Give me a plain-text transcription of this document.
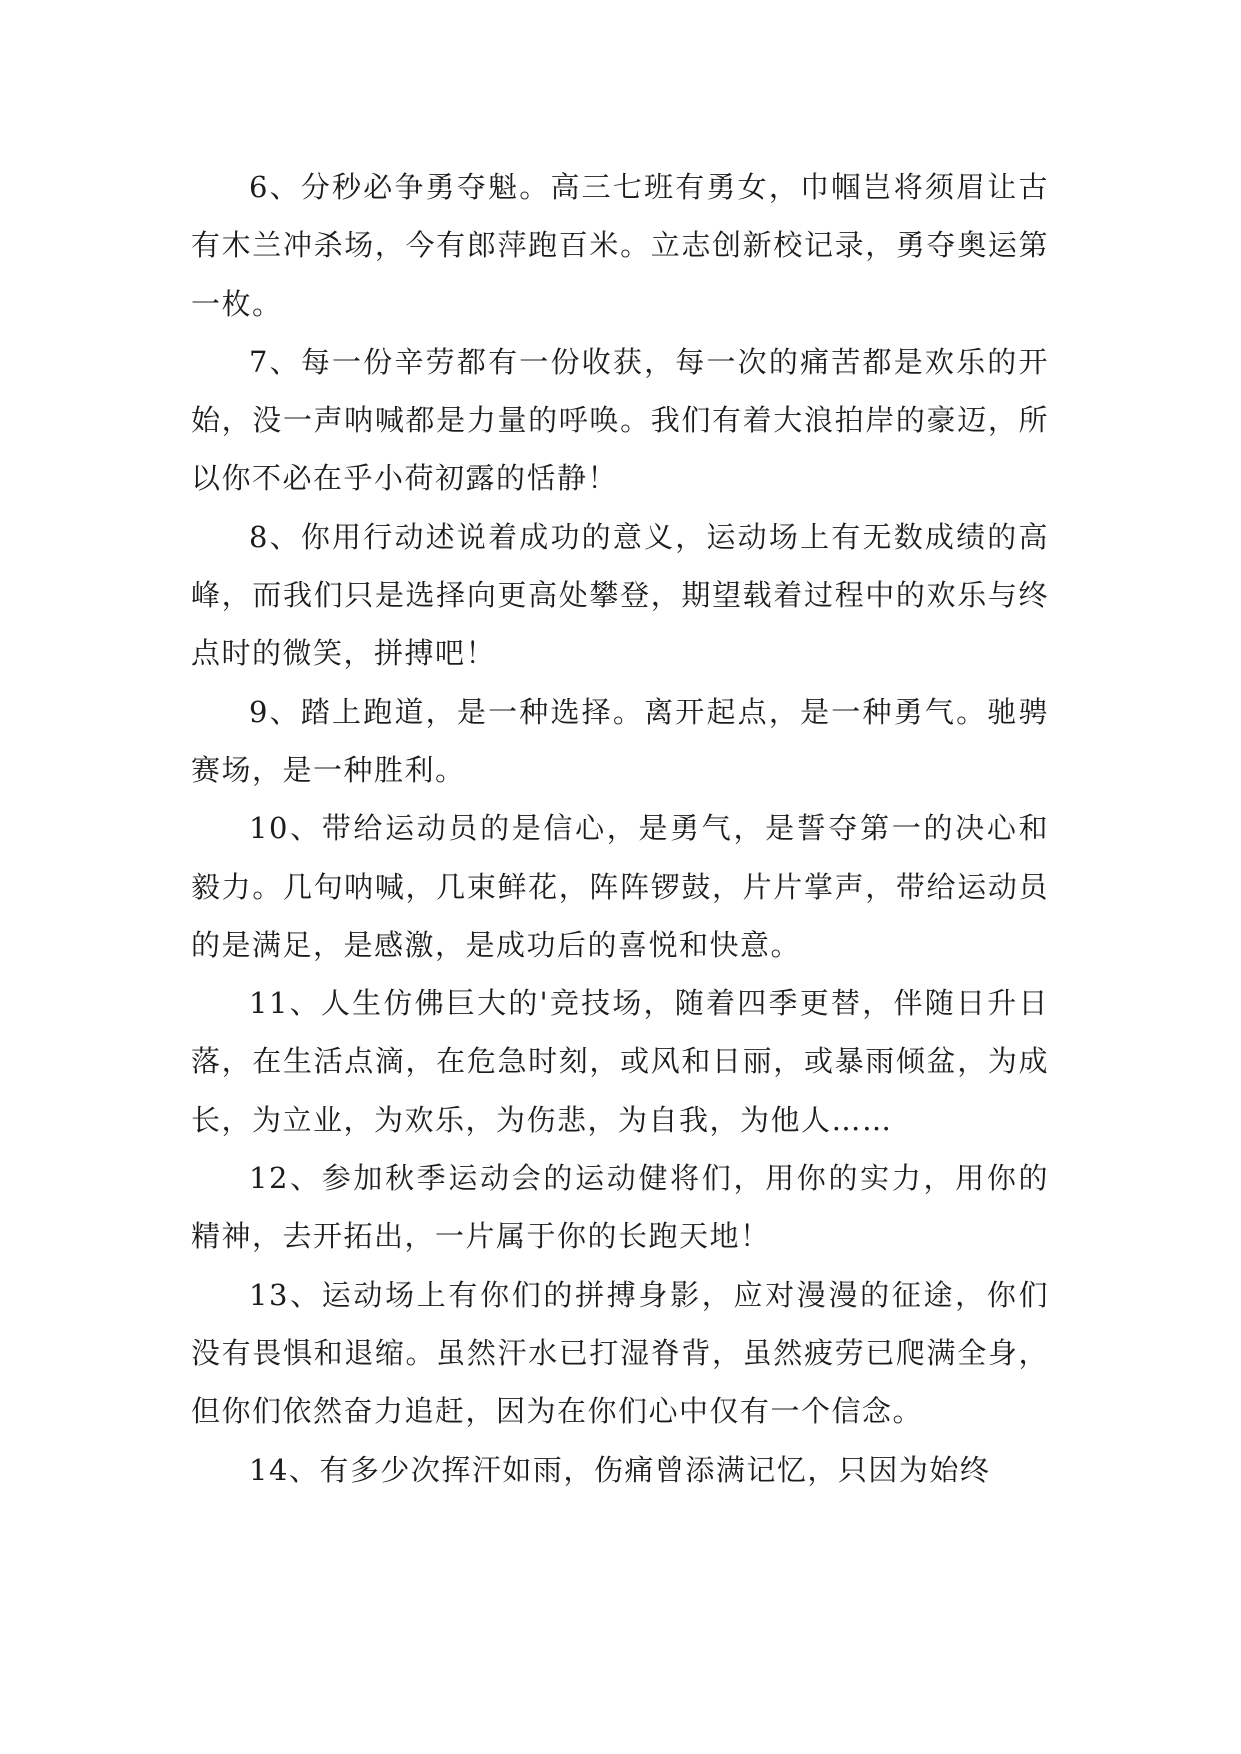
6、分秒必争勇夺魁。高三七班有勇女，巾帼岂将须眉让古有木兰冲杀场，今有郎萍跑百米。立志创新校记录，勇夺奥运第一枚。

7、每一份辛劳都有一份收获，每一次的痛苦都是欢乐的开始，没一声呐喊都是力量的呼唤。我们有着大浪拍岸的豪迈，所以你不必在乎小荷初露的恬静！

8、你用行动述说着成功的意义，运动场上有无数成绩的高峰，而我们只是选择向更高处攀登，期望载着过程中的欢乐与终点时的微笑，拼搏吧！

9、踏上跑道，是一种选择。离开起点，是一种勇气。驰骋赛场，是一种胜利。

10、带给运动员的是信心，是勇气，是誓夺第一的决心和毅力。几句呐喊，几束鲜花，阵阵锣鼓，片片掌声，带给运动员的是满足，是感激，是成功后的喜悦和快意。

11、人生仿佛巨大的'竞技场，随着四季更替，伴随日升日落，在生活点滴，在危急时刻，或风和日丽，或暴雨倾盆，为成长，为立业，为欢乐，为伤悲，为自我，为他人……

12、参加秋季运动会的运动健将们，用你的实力，用你的精神，去开拓出，一片属于你的长跑天地！

13、运动场上有你们的拼搏身影，应对漫漫的征途，你们没有畏惧和退缩。虽然汗水已打湿脊背，虽然疲劳已爬满全身，但你们依然奋力追赶，因为在你们心中仅有一个信念。

14、有多少次挥汗如雨，伤痛曾添满记忆，只因为始终
